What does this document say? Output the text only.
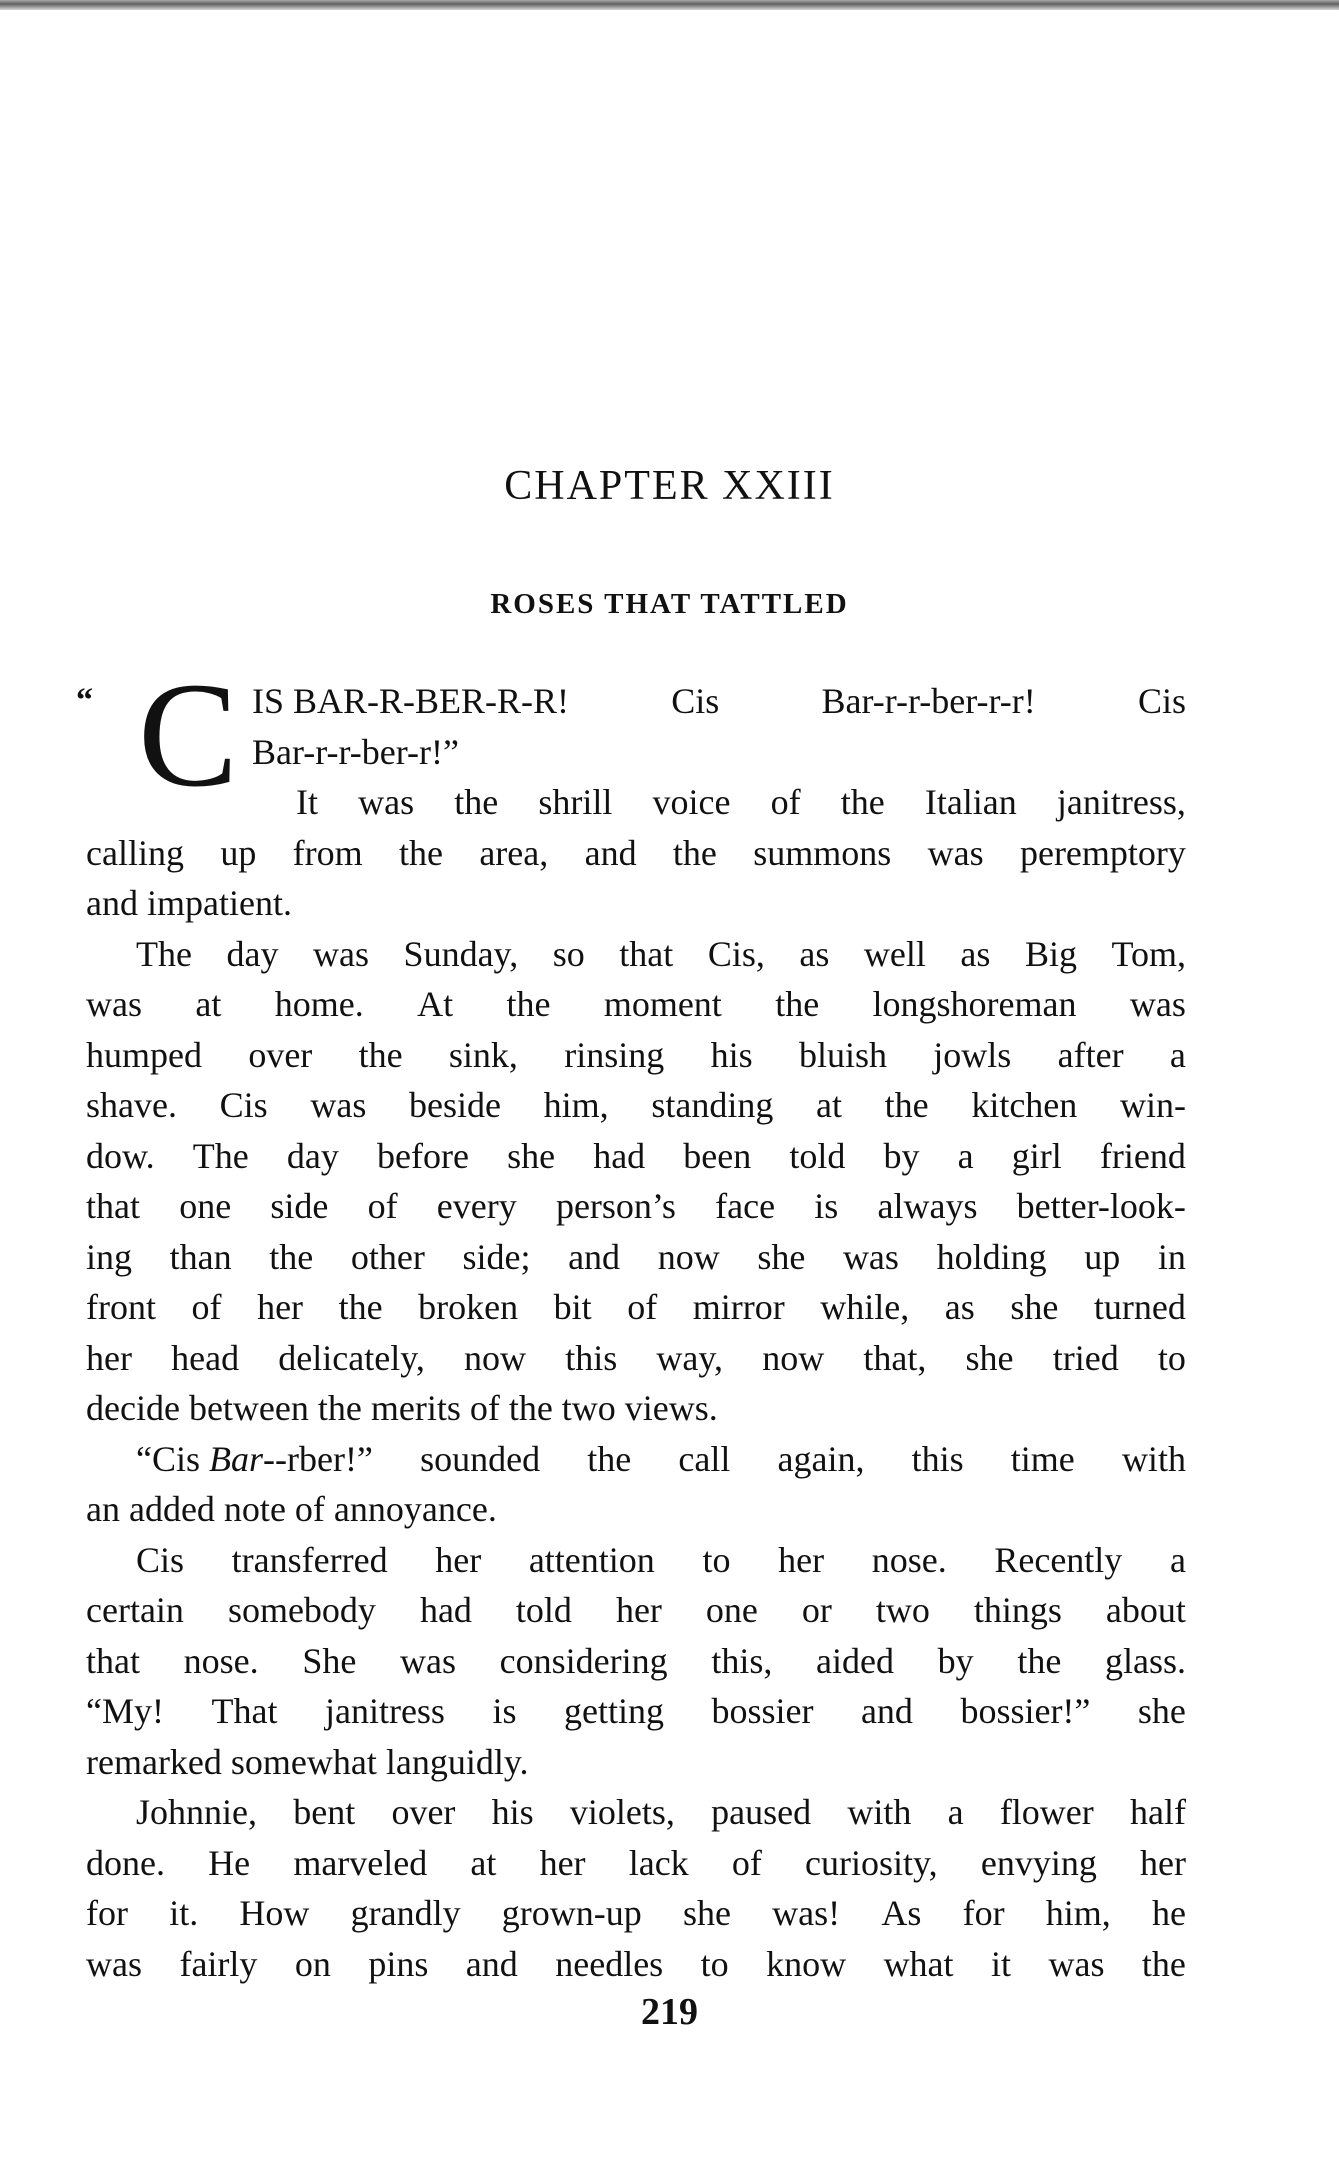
CHAPTER XXIII
ROSES THAT TATTLED
IS BAR-R-BER-R-R!	Cis	Bar-r-r-ber-r-r!	Cis
Bar-r-r-ber-r!”
It was the shrill voice of the Italian janitress,
calling up from the area, and the summons was peremptory
and impatient.
The day was Sunday, so that Cis, as well as Big Tom,
was at home. At the moment the longshoreman was
humped over the sink, rinsing his bluish jowls after a
shave. Cis was beside him, standing at the kitchen win-
dow. The day before she had been told by a girl friend
that one side of every person’s face is always better-look-
ing than the other side; and now she was holding up in
front of her the broken bit of mirror while, as she turned
her head delicately, now this way, now that, she tried to
decide between the merits of the two views.
“Cis Bar--rber!” sounded the call again, this time with
an added note of annoyance.
Cis transferred her attention to her nose. Recently a
certain somebody had told her one or two things about
that nose. She was considering this, aided by the glass.
“My! That janitress is getting bossier and bossier!” she
remarked somewhat languidly.
Johnnie, bent over his violets, paused with a flower half
done. He marveled at her lack of curiosity, envying her
for it. How grandly grown-up she was! As for him, he
was fairly on pins and needles to know what it was the
“ C
219
